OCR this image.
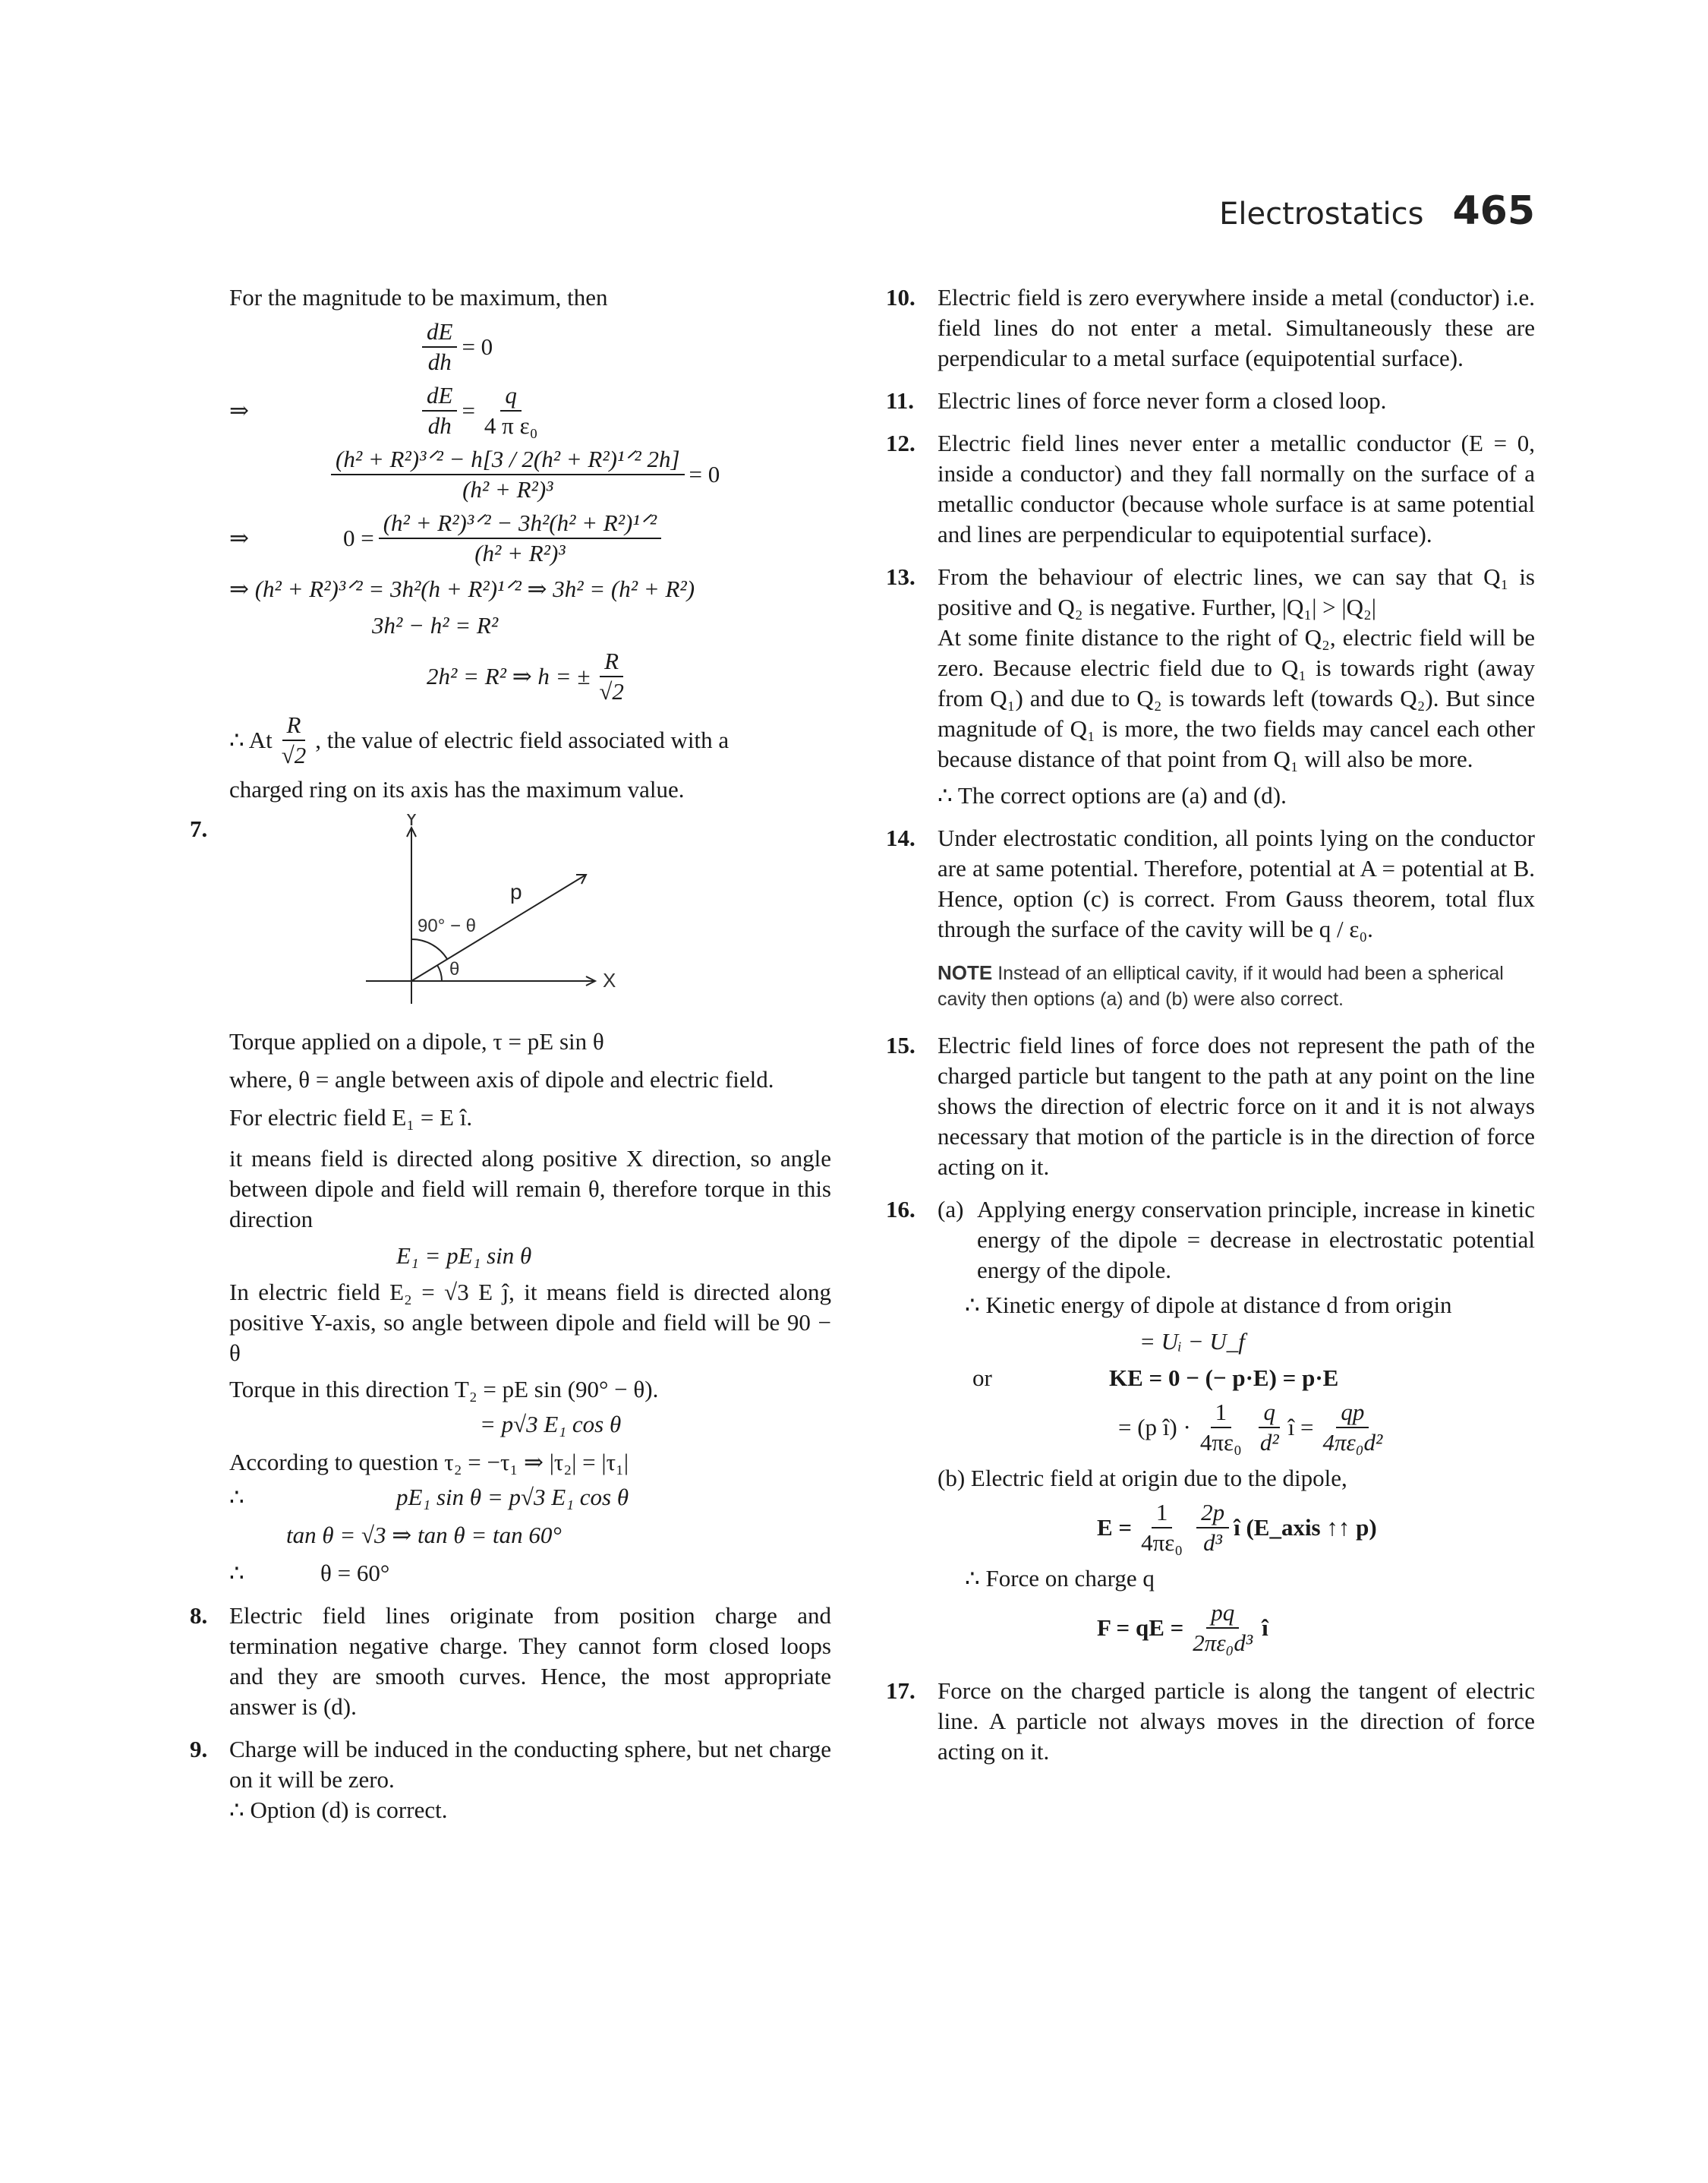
Electrostatics 465

For the magnitude to be maximum, then

$\frac{dE}{dh} = 0$
⇒	$\frac{dE}{dh} = \frac{q}{\text{4 π ε₀}}$
$\frac{\text{(h² + R²)³ᐟ² − h[3 / 2(h² + R²)¹ᐟ² 2h]}}{\text{(h² + R²)³}} = 0$
⇒	$0 = \frac{\text{(h² + R²)³ᐟ² − 3h²(h² + R²)¹ᐟ²}}{\text{(h² + R²)³}}$

⇒ (h² + R²)³ᐟ² = 3h²(h + R²)¹ᐟ² ⇒ 3h² = (h² + R²)

3h² − h² = R²

2h² = R² ⇒ h = ± $\frac{R}{√2}$
∴ At $\frac{R}{√2}$ , the value of electric field associated with a

charged ring on its axis has the maximum value.

7.	Y
X
p
90° − θ
θ

Torque applied on a dipole, τ = pE sin θ

where, θ = angle between axis of dipole and electric field.

For electric field E₁ = E î.

it means field is directed along positive X direction, so angle between dipole and field will remain θ, therefore torque in this direction

E₁ = pE₁ sin θ

In electric field E₂ = √3 E ĵ, it means field is directed along positive Y-axis, so angle between dipole and field will be 90 − θ

Torque in this direction T₂ = pE sin (90° − θ).

= p√3 E₁ cos θ

According to question τ₂ = −τ₁ ⇒ |τ₂| = |τ₁|

∴	pE₁ sin θ = p√3 E₁ cos θ

tan θ = √3 ⇒ tan θ = tan 60°

∴	θ = 60°
8. Electric field lines originate from position charge and termination negative charge. They cannot form closed loops and they are smooth curves. Hence, the most appropriate answer is (d).

9. Charge will be induced in the conducting sphere, but net charge on it will be zero.

∴ Option (d) is correct.

10. Electric field is zero everywhere inside a metal (conductor) i.e. field lines do not enter a metal. Simultaneously these are perpendicular to a metal surface (equipotential surface).

11. Electric lines of force never form a closed loop.

12. Electric field lines never enter a metallic conductor (E = 0, inside a conductor) and they fall normally on the surface of a metallic conductor (because whole surface is at same potential and lines are perpendicular to equipotential surface).

13. From the behaviour of electric lines, we can say that Q₁ is positive and Q₂ is negative. Further, |Q₁| > |Q₂|

At some finite distance to the right of Q₂, electric field will be zero. Because electric field due to Q₁ is towards right (away from Q₁) and due to Q₂ is towards left (towards Q₂). But since magnitude of Q₁ is more, the two fields may cancel each other because distance of that point from Q₁ will also be more.

∴ The correct options are (a) and (d).

14. Under electrostatic condition, all points lying on the conductor are at same potential. Therefore, potential at A = potential at B. Hence, option (c) is correct. From Gauss theorem, total flux through the surface of the cavity will be q / ε₀.

NOTE Instead of an elliptical cavity, if it would had been a spherical cavity then options (a) and (b) were also correct.
15. Electric field lines of force does not represent the path of the charged particle but tangent to the path at any point on the line shows the direction of electric force on it and it is not always necessary that motion of the particle is in the direction of force acting on it.

16. (a) Applying energy conservation principle, increase in kinetic energy of the dipole = decrease in electrostatic potential energy of the dipole.

∴ Kinetic energy of dipole at distance d from origin

= Uᵢ − U_f

or	KE = 0 − (− p·E) = p·E
= (p î) · $\frac{1}{\text{4πε₀}} \frac{q}{\text{d²}}$ î = $\frac{qp}{\text{4πε₀d²}}$

(b) Electric field at origin due to the dipole,

$E = \frac{1}{\text{4πε₀}} \frac{2p}{\text{d³}}$ î (E_axis ↑↑ p)

∴ Force on charge q

F = qE = $\frac{pq}{\text{2πε₀d³}}$ î
17. Force on the charged particle is along the tangent of electric line. A particle not always moves in the direction of force acting on it.
